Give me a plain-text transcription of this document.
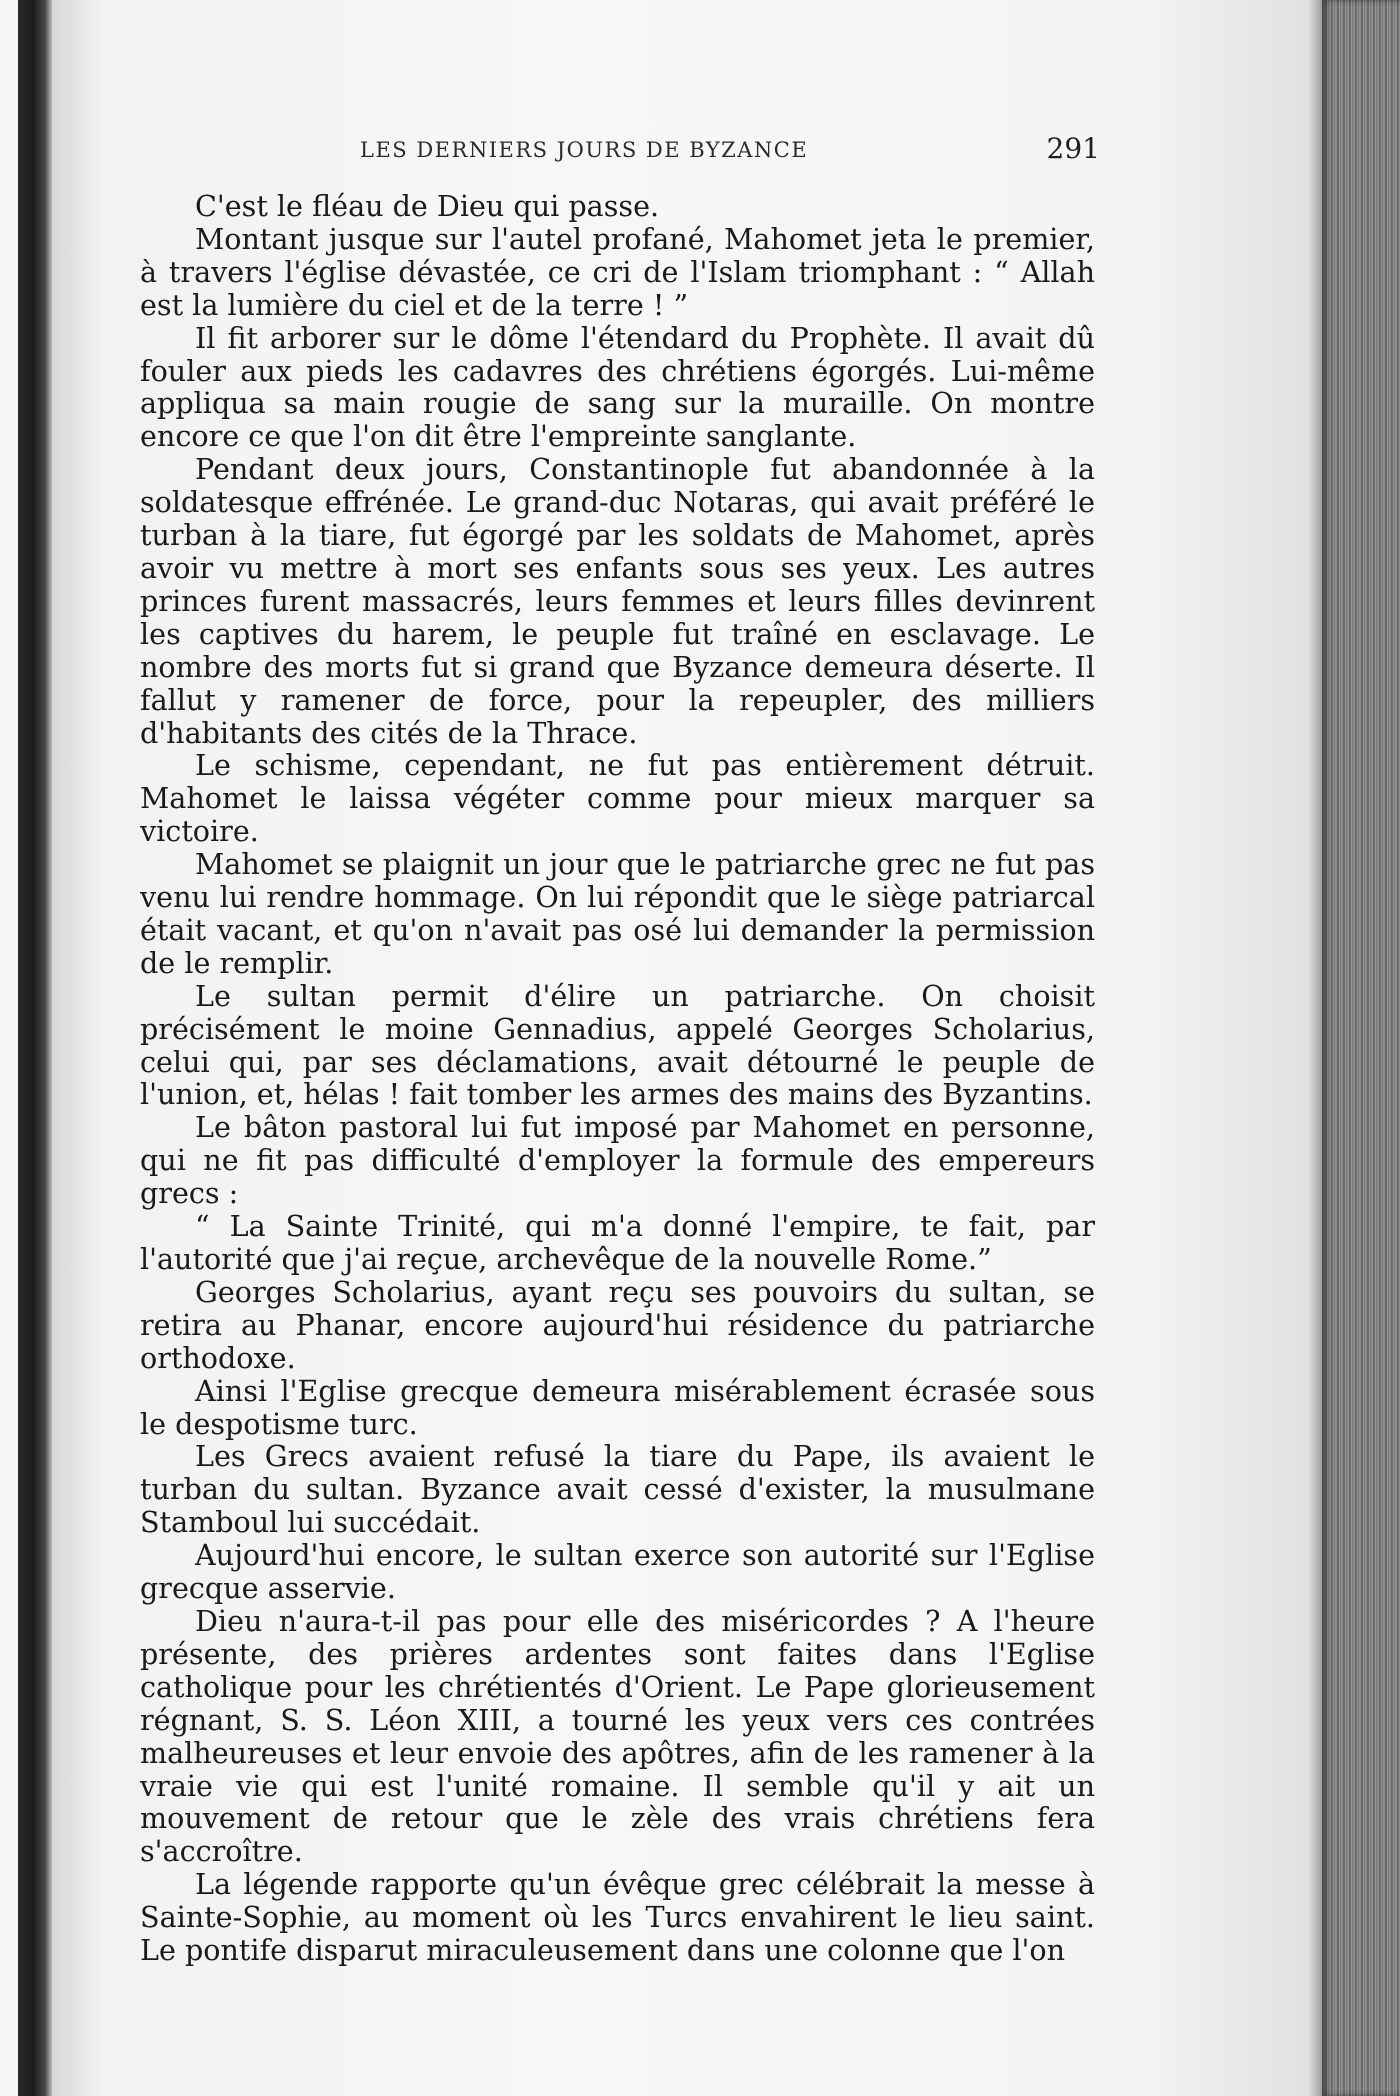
LES DERNIERS JOURS DE BYZANCE	291

C'est le fléau de Dieu qui passe.

Montant jusque sur l'autel profané, Mahomet jeta le premier, à travers l'église dévastée, ce cri de l'Islam triomphant : “ Allah est la lumière du ciel et de la terre ! ”

Il fit arborer sur le dôme l'étendard du Prophète. Il avait dû fouler aux pieds les cadavres des chrétiens égorgés. Lui-même appliqua sa main rougie de sang sur la muraille. On montre encore ce que l'on dit être l'empreinte sanglante.

Pendant deux jours, Constantinople fut abandonnée à la soldatesque effrénée. Le grand-duc Notaras, qui avait préféré le turban à la tiare, fut égorgé par les soldats de Mahomet, après avoir vu mettre à mort ses enfants sous ses yeux. Les autres princes furent massacrés, leurs femmes et leurs filles devinrent les captives du harem, le peuple fut traîné en esclavage. Le nombre des morts fut si grand que Byzance demeura déserte. Il fallut y ramener de force, pour la repeupler, des milliers d'habitants des cités de la Thrace.

Le schisme, cependant, ne fut pas entièrement détruit. Mahomet le laissa végéter comme pour mieux marquer sa victoire.

Mahomet se plaignit un jour que le patriarche grec ne fut pas venu lui rendre hommage. On lui répondit que le siège patriarcal était vacant, et qu'on n'avait pas osé lui demander la permission de le remplir.

Le sultan permit d'élire un patriarche. On choisit précisément le moine Gennadius, appelé Georges Scholarius, celui qui, par ses déclamations, avait détourné le peuple de l'union, et, hélas ! fait tomber les armes des mains des Byzantins.

Le bâton pastoral lui fut imposé par Mahomet en personne, qui ne fit pas difficulté d'employer la formule des empereurs grecs :

“ La Sainte Trinité, qui m'a donné l'empire, te fait, par l'autorité que j'ai reçue, archevêque de la nouvelle Rome.”

Georges Scholarius, ayant reçu ses pouvoirs du sultan, se retira au Phanar, encore aujourd'hui résidence du patriarche orthodoxe.

Ainsi l'Eglise grecque demeura misérablement écrasée sous le despotisme turc.

Les Grecs avaient refusé la tiare du Pape, ils avaient le turban du sultan. Byzance avait cessé d'exister, la musulmane Stamboul lui succédait.

Aujourd'hui encore, le sultan exerce son autorité sur l'Eglise grecque asservie.

Dieu n'aura-t-il pas pour elle des miséricordes ? A l'heure présente, des prières ardentes sont faites dans l'Eglise catholique pour les chrétientés d'Orient. Le Pape glorieusement régnant, S. S. Léon XIII, a tourné les yeux vers ces contrées malheureuses et leur envoie des apôtres, afin de les ramener à la vraie vie qui est l'unité romaine. Il semble qu'il y ait un mouvement de retour que le zèle des vrais chrétiens fera s'accroître.

La légende rapporte qu'un évêque grec célébrait la messe à Sainte-Sophie, au moment où les Turcs envahirent le lieu saint. Le pontife disparut miraculeusement dans une colonne que l'on
